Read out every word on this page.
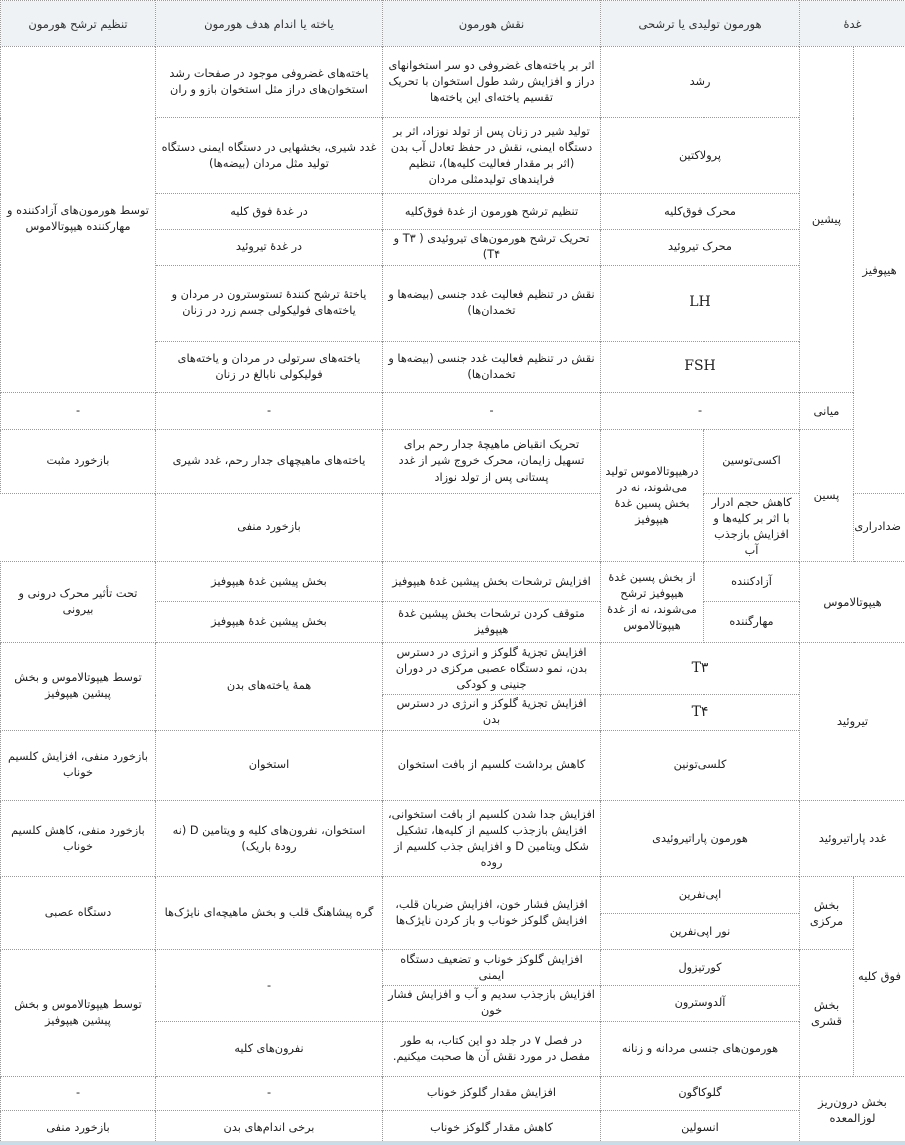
غدهٔ		هورمون تولیدی یا ترشحی		نقش هورمون	یاخته یا اندام هدف هورمون	تنظیم ترشح هورمون
هیپوفیز	پیشین	رشد		اثر بر یاخته‌های غضروفی دو سر استخوانهای دراز و افزایش رشد طول استخوان با تحریک تقسیم یاخته‌ای این یاخته‌ها	یاخته‌های غضروفی موجود در صفحات رشد استخوان‌های دراز مثل استخوان بازو و ران	توسط هورمون‌های آزادکننده و مهارکننده هیپوتالاموس
		پرولاکتین		تولید شیر در زنان پس از تولد نوزاد، اثر بر دستگاه ایمنی، نقش در حفظ تعادل آب بدن (اثر بر مقدار فعالیت کلیه‌ها)، تنظیم فرایندهای تولیدمثلی مردان	غدد شیری، بخشهایی در دستگاه ایمنی دستگاه تولید مثل مردان (بیضه‌ها)	
		محرک فوق‌کلیه		تنظیم ترشح هورمون از غدهٔ فوق‌کلیه	در غدهٔ فوق کلیه	
		محرک تیروئید		تحریک ترشح هورمون‌های تیروئیدی ( T۳ و T۴)	در غدهٔ تیروئید	
		LH		نقش در تنظیم فعالیت غدد جنسی (بیضه‌ها و تخمدان‌ها)	یاختهٔ ترشح کنندهٔ تستوسترون در مردان و یاخته‌های فولیکولی جسم زرد در زنان	
		FSH		نقش در تنظیم فعالیت غدد جنسی (بیضه‌ها و تخمدان‌ها)	یاخته‌های سرتولی در مردان و یاخته‌های فولیکولی نابالغ در زنان	
	میانی	-		-	-	-
	پسین	اکسی‌توسین	درهیپوتالاموس تولید می‌شوند، نه در بخش پسین غدهٔ هیپوفیز	تحریک انقباض ماهیچهٔ جدار رحم برای تسهیل زایمان، محرک خروج شیر از غدد پستانی پس از تولد نوزاد	یاخته‌های ماهیچهای جدار رحم، غدد شیری	بازخورد مثبت
ضدادراری		کاهش حجم ادرار با اثر بر کلیه‌ها و افزایش بازجذب آب			بازخورد منفی	
هیپوتالاموس		آزادکننده	از بخش پسین غدهٔ هیپوفیز ترشح می‌شوند، نه از غدهٔ هیپوتالاموس	افزایش ترشحات بخش پیشین غدهٔ هیپوفیز	بخش پیشین غدهٔ هیپوفیز	تحت تأثیر محرک درونی و بیرونی
		مهارگننده		متوقف کردن ترشحات بخش پیشین غدهٔ هیپوفیز	بخش پیشین غدهٔ هیپوفیز	
تیروئید		T۳		افزایش تجزیهٔ گلوکز و انرژی در دسترس بدن، نمو دستگاه عصبی مرکزی در دوران جنینی و کودکی	همهٔ یاخته‌های بدن	توسط هیپوتالاموس و بخش پیشین هیپوفیز
		T۴		افزایش تجزیهٔ گلوکز و انرژی در دسترس بدن		
		کلسی‌تونین		کاهش برداشت کلسیم از بافت استخوان	استخوان	بازخورد منفی، افزایش کلسیم خوناب
غدد پاراتیروئید		هورمون پاراتیروئیدی		افزایش جدا شدن کلسیم از بافت استخوانی، افزایش بازجذب کلسیم از کلیه‌ها، تشکیل شکل ویتامین D و افزایش جذب کلسیم از روده	استخوان، نفرون‌های کلیه و ویتامین D (نه رودهٔ باریک)	بازخورد منفی، کاهش کلسیم خوناب
فوق کلیه	بخش مرکزی	اپی‌نفرین		افزایش فشار خون، افزایش ضربان قلب، افزایش گلوکز خوناب و باز کردن نایژک‌ها	گره پیشاهنگ قلب و بخش ماهیچه‌ای نایژک‌ها	دستگاه عصبی
		نور اپی‌نفرین				
	بخش قشری	کورتیزول		افزایش گلوکز خوناب و تضعیف دستگاه ایمنی	-	توسط هیپوتالاموس و بخش پیشین هیپوفیز
		آلدوسترون		افزایش بازجذب سدیم و آب و افزایش فشار خون		
		هورمون‌های جنسی مردانه و زنانه		در فصل ۷ در جلد دو این کتاب، به طور مفصل در مورد نقش آن ها صحبت میکنیم.	نفرون‌های کلیه	
بخش درون‌ریز لوزالمعده		گلوکاگون		افزایش مقدار گلوکز خوناب	-	-
		انسولین		کاهش مقدار گلوکز خوناب	برخی اندام‌های بدن	بازخورد منفی
